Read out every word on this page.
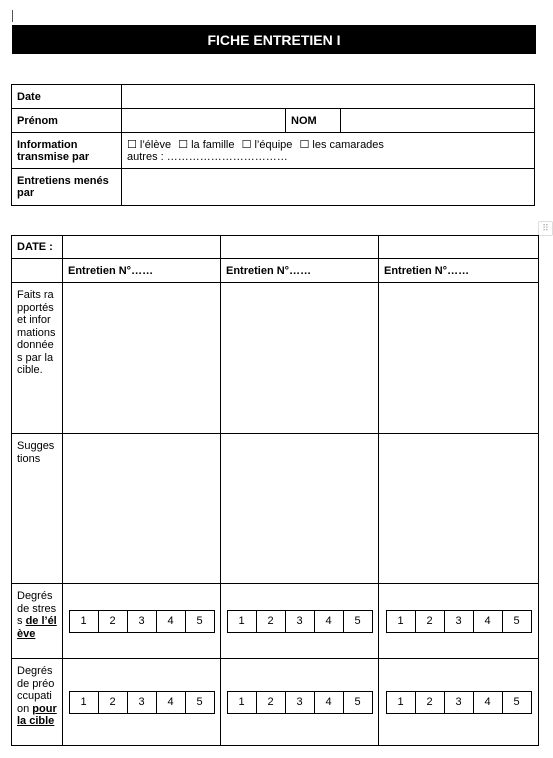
FICHE ENTRETIEN I
Date			
Prénom		NOM	
Information transmise par	☐ l’élève ☐ la famille ☐ l’équipe ☐ les camarades
autres : ……………………………		

Entretiens menés par			
⠿
DATE :			
	Entretien N°……	Entretien N°……	Entretien N°……
Faits rapportés et informations données par la cible.			
Suggestions			
Degrés de stress de l’élève	1 2 3 4 5	1 2 3 4 5	1 2 3 4 5

Degrés de préoccupation pour la cible	1 2 3 4 5	1 2 3 4 5	1 2 3 4 5
